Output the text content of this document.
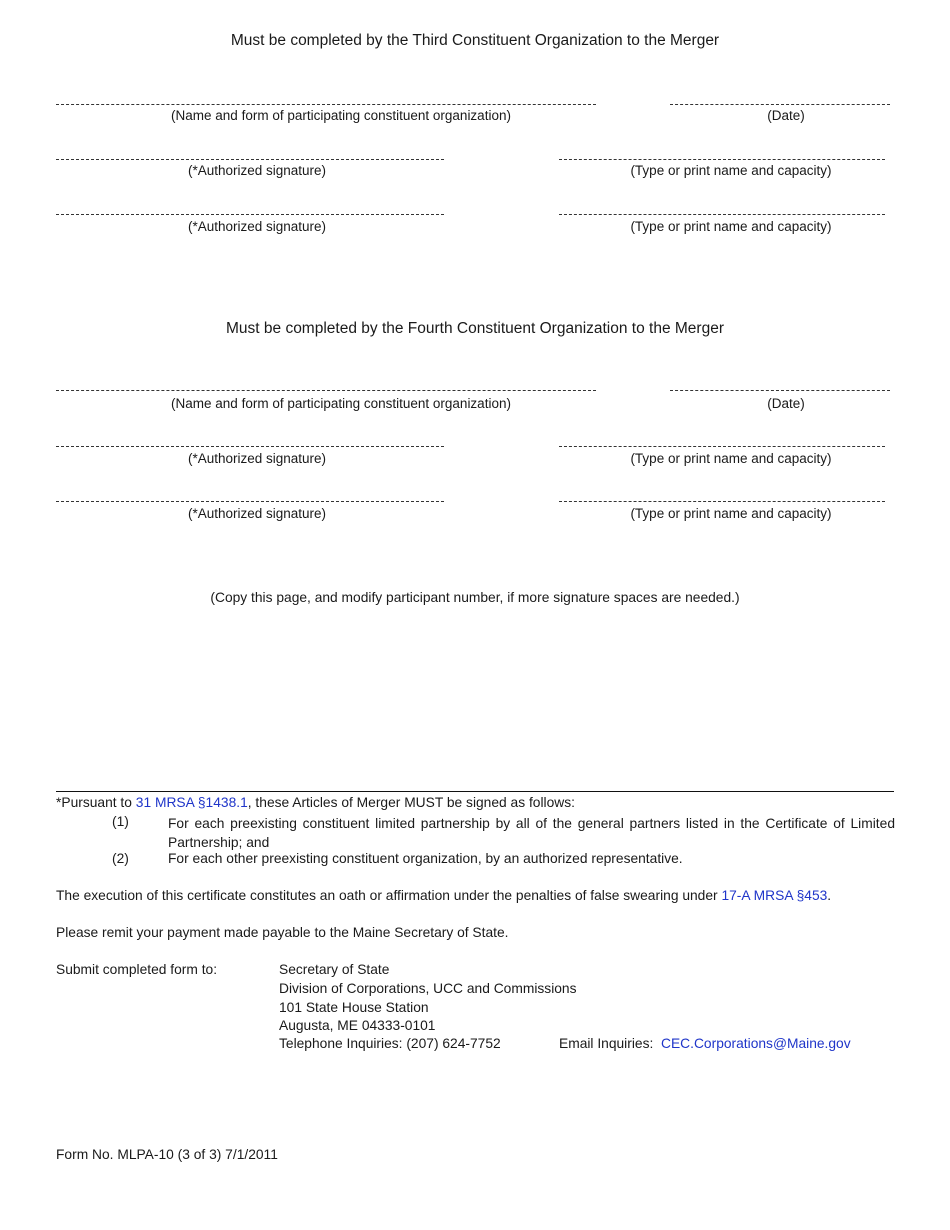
Must be completed by the Third Constituent Organization to the Merger
(Name and form of participating constituent organization)	(Date)
(*Authorized signature)	(Type or print name and capacity)
(*Authorized signature)	(Type or print name and capacity)
Must be completed by the Fourth Constituent Organization to the Merger
(Name and form of participating constituent organization)	(Date)
(*Authorized signature)	(Type or print name and capacity)
(*Authorized signature)	(Type or print name and capacity)
(Copy this page, and modify participant number, if more signature spaces are needed.)
*Pursuant to 31 MRSA §1438.1, these Articles of Merger MUST be signed as follows:
(1)	For each preexisting constituent limited partnership by all of the general partners listed in the Certificate of Limited Partnership; and
(2)	For each other preexisting constituent organization, by an authorized representative.
The execution of this certificate constitutes an oath or affirmation under the penalties of false swearing under 17-A MRSA §453.
Please remit your payment made payable to the Maine Secretary of State.
Submit completed form to:	Secretary of State
Division of Corporations, UCC and Commissions
101 State House Station
Augusta, ME 04333-0101
Telephone Inquiries: (207) 624-7752	Email Inquiries: CEC.Corporations@Maine.gov
Form No. MLPA-10 (3 of 3) 7/1/2011
